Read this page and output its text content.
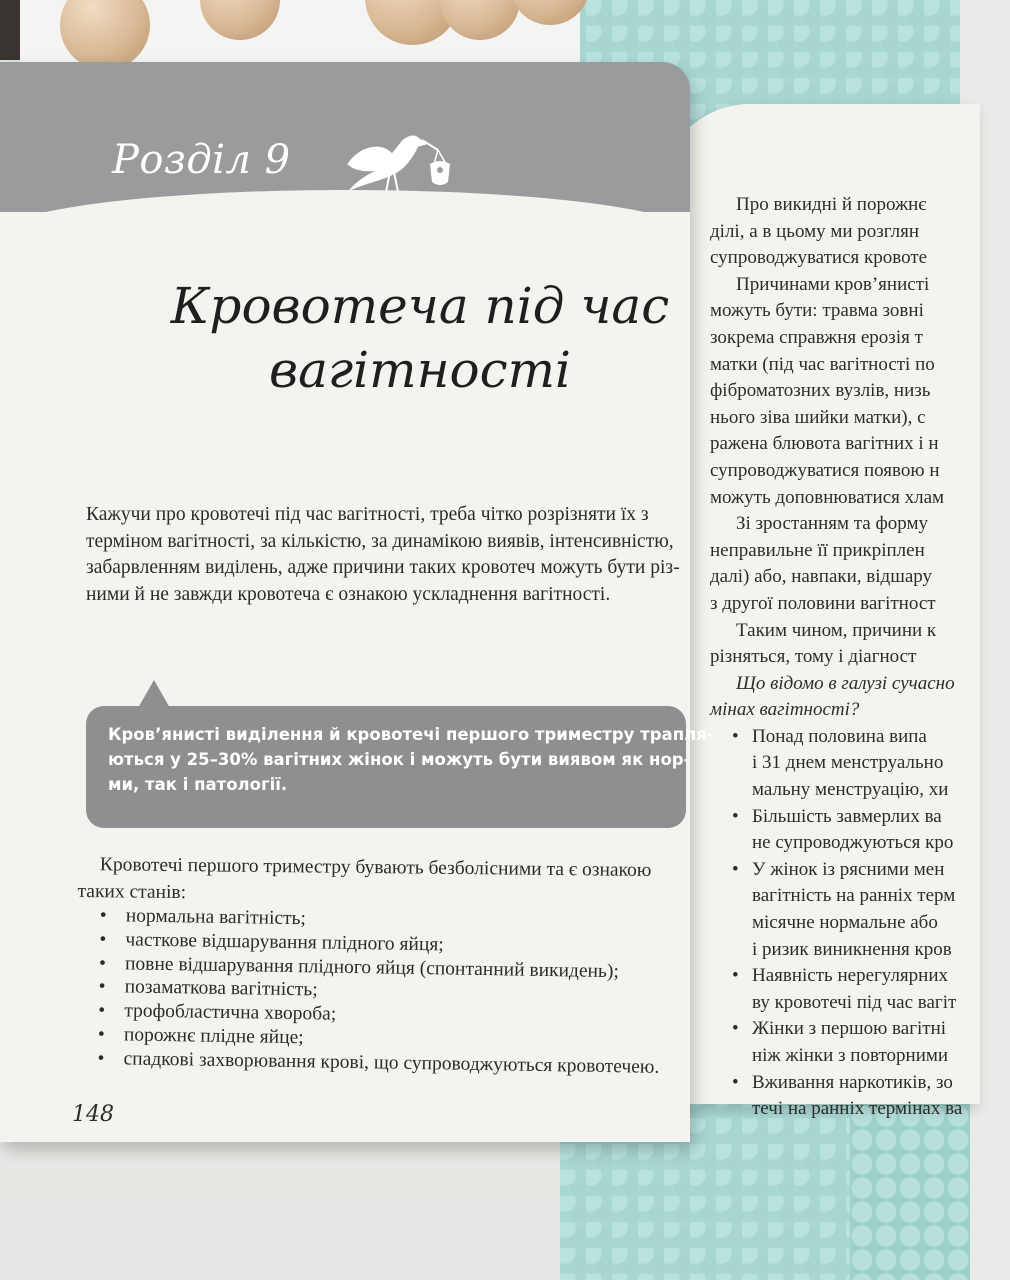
Про викидні й порожнє
ділі, а в цьому ми розглян
супроводжуватися кровоте
Причинами кров’янисті
можуть бути: травма зовні
зокрема справжня ерозія т
матки (під час вагітності по
фіброматозних вузлів, низь
нього зіва шийки матки), с
ражена блювота вагітних і н
супроводжуватися появою н
можуть доповнюватися хлам
Зі зростанням та форму
неправильне її прикріплен
далі) або, навпаки, відшару
з другої половини вагітност
Таким чином, причини к
різняться, тому і діагност
Що відомо в галузі сучасно
мінах вагітності?
• Понад половина випа
і 31 днем менструально
мальну менструацію, хи
• Більшість завмерлих ва
не супроводжуються кро
• У жінок із рясними мен
вагітність на ранніх терм
місячне нормальне або
і ризик виникнення кров
• Наявність нерегулярних
ву кровотечі під час вагіт
• Жінки з першою вагітні
ніж жінки з повторними
• Вживання наркотиків, зо
течі на ранніх термінах ва
Розділ 9
Кровотеча під час
вагітності
Кажучи про кровотечі під час вагітності, треба чітко розрізняти їх з
терміном вагітності, за кількістю, за динамікою виявів, інтенсивністю,
забарвленням виділень, адже причини таких кровотеч можуть бути різ-
ними й не завжди кровотеча є ознакою ускладнення вагітності.
Кров’янисті виділення й кровотечі першого триместру трапля-
ються у 25–30% вагітних жінок і можуть бути виявом як нор-
ми, так і патології.
Кровотечі першого триместру бувають безболісними та є ознакою
таких станів:
• нормальна вагітність;
• часткове відшарування плідного яйця;
• повне відшарування плідного яйця (спонтанний викидень);
• позаматкова вагітність;
• трофобластична хвороба;
• порожнє плідне яйце;
• спадкові захворювання крові, що супроводжуються кровотечею.
148
